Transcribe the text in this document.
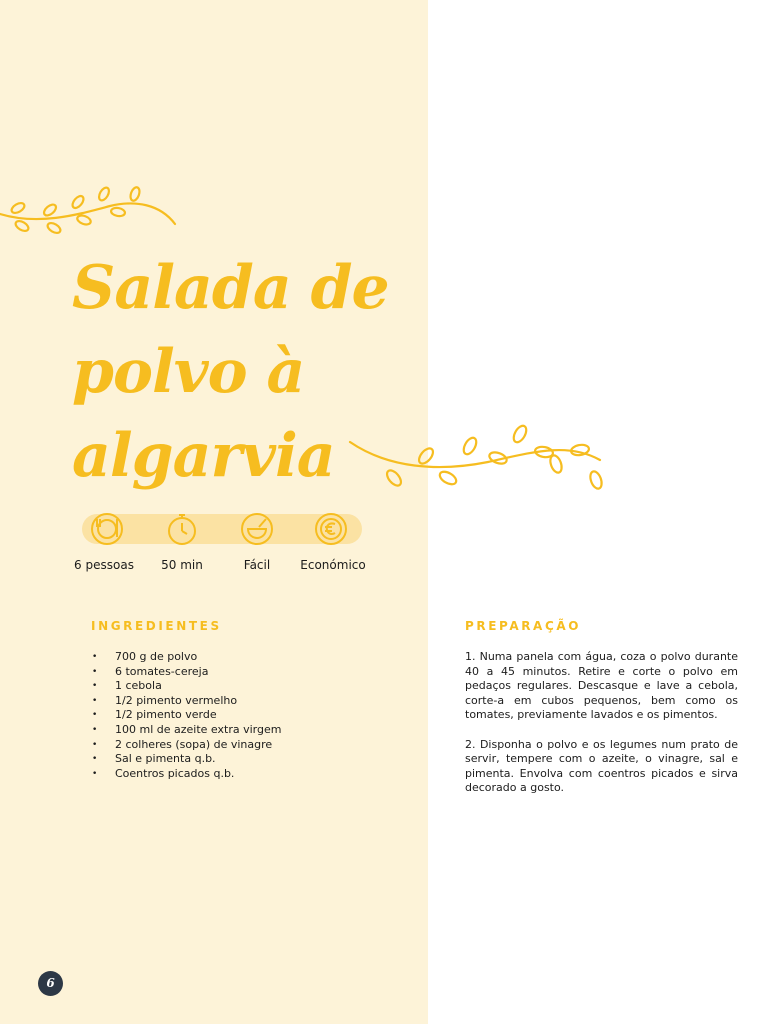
Salada de
polvo à
algarvia
6 pessoas	50 min	Fácil	Económico
INGREDIENTES
• 700 g de polvo
• 6 tomates-cereja
• 1 cebola
• 1/2 pimento vermelho
• 1/2 pimento verde
• 100 ml de azeite extra virgem
• 2 colheres (sopa) de vinagre
• Sal e pimenta q.b.
• Coentros picados q.b.
PREPARAÇÃO

1. Numa panela com água, coza o polvo durante 40 a 45 minutos. Retire e corte o polvo em pedaços regulares. Descasque e lave a cebola, corte-a em cubos pequenos, bem como os tomates, previamente lavados e os pimentos.

2. Disponha o polvo e os legumes num prato de servir, tempere com o azeite, o vinagre, sal e pimenta. Envolva com coentros picados e sirva decorado a gosto.

6
